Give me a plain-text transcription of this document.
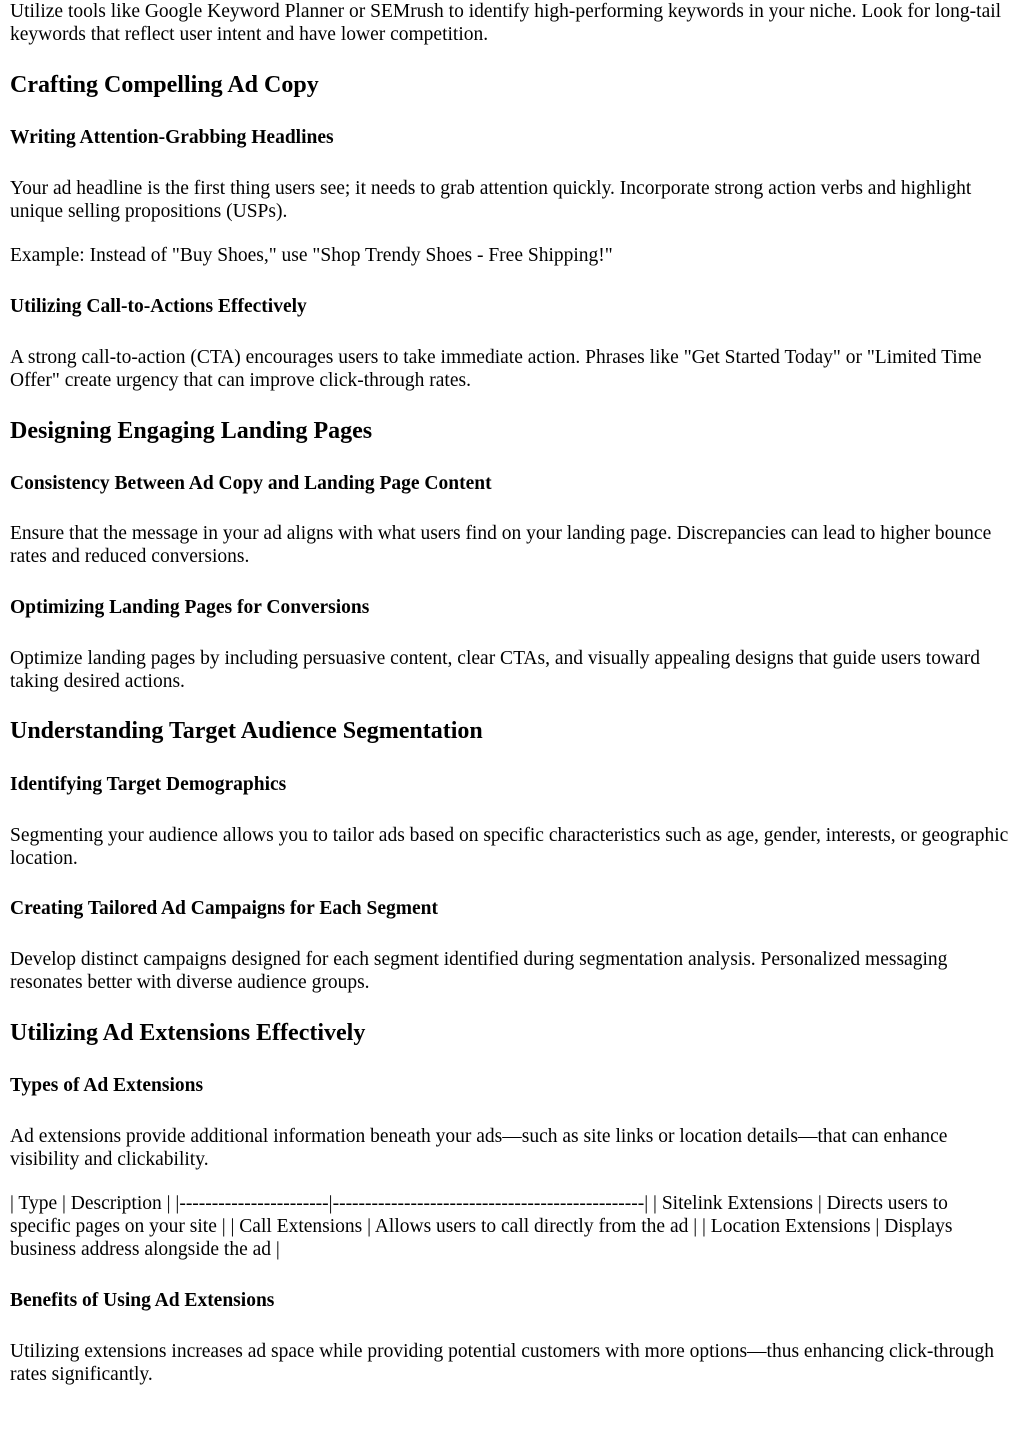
Utilize tools like Google Keyword Planner or SEMrush to identify high-performing keywords in your niche. Look for long-tail keywords that reflect user intent and have lower competition.

Crafting Compelling Ad Copy
Writing Attention-Grabbing Headlines

Your ad headline is the first thing users see; it needs to grab attention quickly. Incorporate strong action verbs and highlight unique selling propositions (USPs).

Example: Instead of "Buy Shoes," use "Shop Trendy Shoes - Free Shipping!"

Utilizing Call-to-Actions Effectively

A strong call-to-action (CTA) encourages users to take immediate action. Phrases like "Get Started Today" or "Limited Time Offer" create urgency that can improve click-through rates.

Designing Engaging Landing Pages
Consistency Between Ad Copy and Landing Page Content

Ensure that the message in your ad aligns with what users find on your landing page. Discrepancies can lead to higher bounce rates and reduced conversions.

Optimizing Landing Pages for Conversions

Optimize landing pages by including persuasive content, clear CTAs, and visually appealing designs that guide users toward taking desired actions.

Understanding Target Audience Segmentation
Identifying Target Demographics

Segmenting your audience allows you to tailor ads based on specific characteristics such as age, gender, interests, or geographic location.

Creating Tailored Ad Campaigns for Each Segment

Develop distinct campaigns designed for each segment identified during segmentation analysis. Personalized messaging resonates better with diverse audience groups.

Utilizing Ad Extensions Effectively
Types of Ad Extensions

Ad extensions provide additional information beneath your ads—such as site links or location details—that can enhance visibility and clickability.

| Type | Description | |-----------------------|------------------------------------------------| | Sitelink Extensions | Directs users to specific pages on your site | | Call Extensions | Allows users to call directly from the ad | | Location Extensions | Displays business address alongside the ad |

Benefits of Using Ad Extensions

Utilizing extensions increases ad space while providing potential customers with more options—thus enhancing click-through rates significantly.
